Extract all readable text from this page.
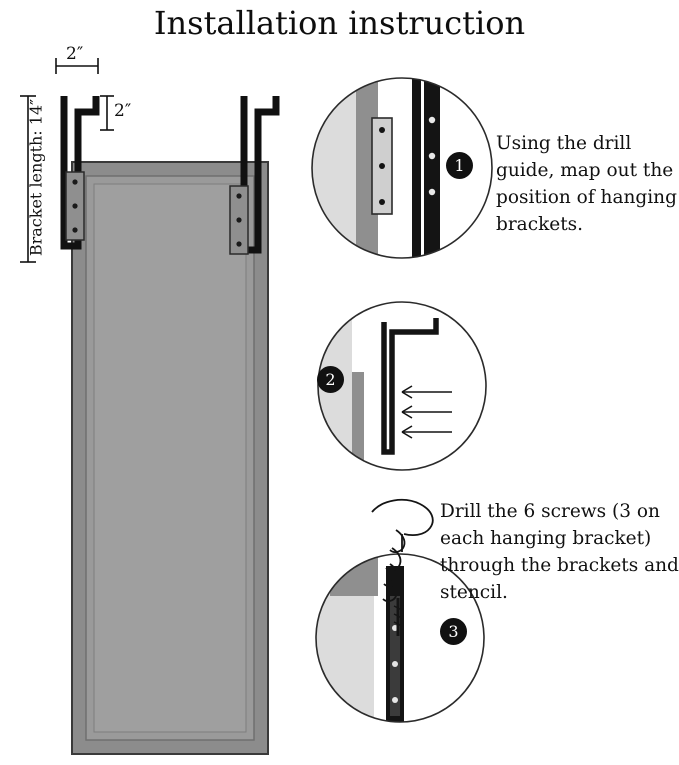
Installation instruction
2″
2″
Bracket length: 14″	Using the drill guide, map out the position of hanging brackets.
Drill the 6 screws (3 on each hanging bracket) through the brackets and stencil.
1
2
3
